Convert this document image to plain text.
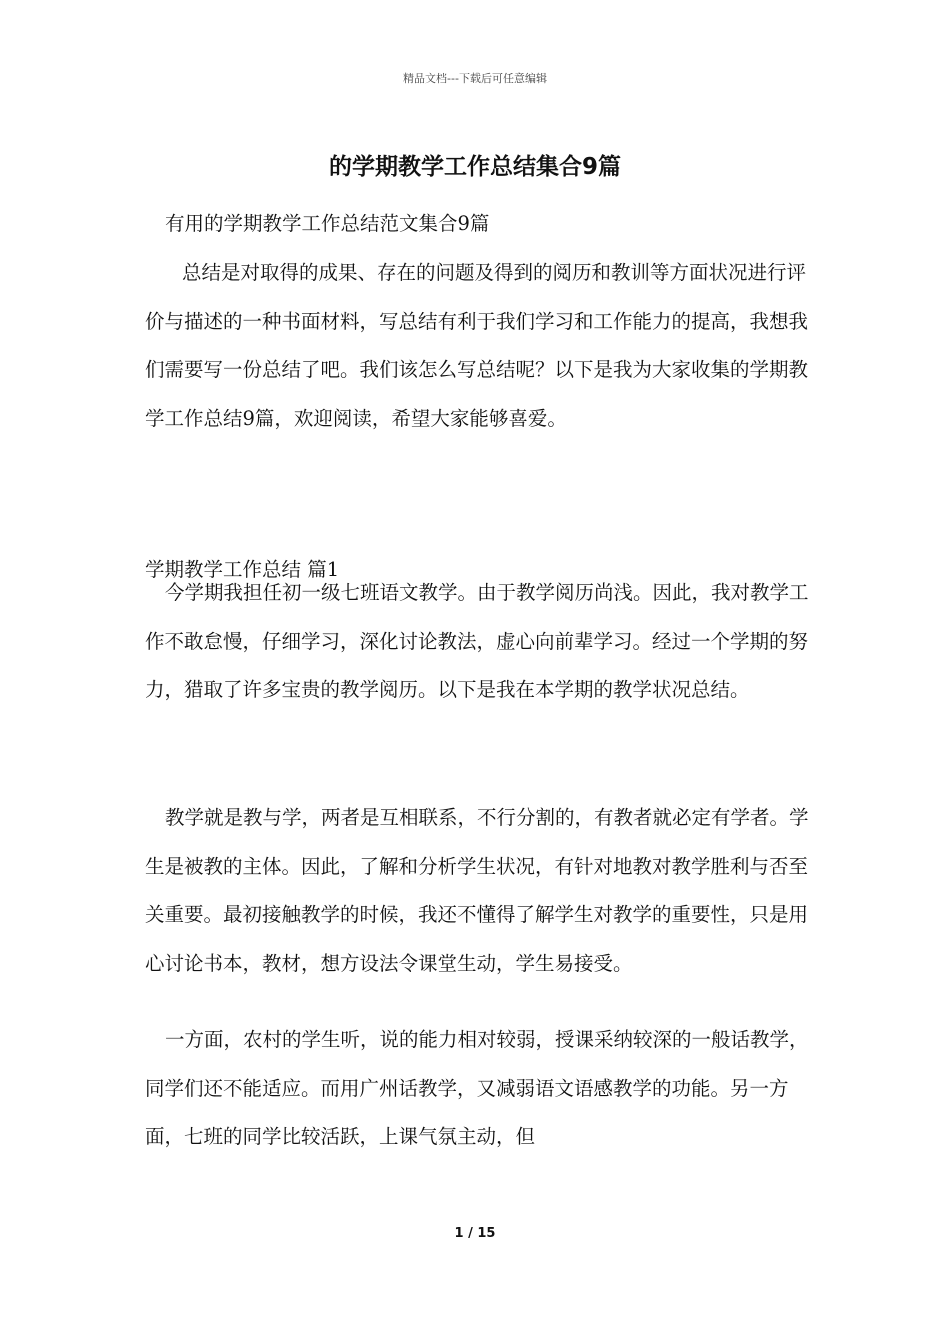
精品文档---下载后可任意编辑
的学期教学工作总结集合9篇

有用的学期教学工作总结范文集合9篇

总结是对取得的成果、存在的问题及得到的阅历和教训等方面状况进行评价与描述的一种书面材料，写总结有利于我们学习和工作能力的提高，我想我们需要写一份总结了吧。我们该怎么写总结呢？以下是我为大家收集的学期教学工作总结9篇，欢迎阅读，希望大家能够喜爱。

学期教学工作总结 篇1

今学期我担任初一级七班语文教学。由于教学阅历尚浅。因此，我对教学工作不敢怠慢，仔细学习，深化讨论教法，虚心向前辈学习。经过一个学期的努力，猎取了许多宝贵的教学阅历。以下是我在本学期的教学状况总结。

教学就是教与学，两者是互相联系，不行分割的，有教者就必定有学者。学生是被教的主体。因此，了解和分析学生状况，有针对地教对教学胜利与否至关重要。最初接触教学的时候，我还不懂得了解学生对教学的重要性，只是用心讨论书本，教材，想方设法令课堂生动，学生易接受。

一方面，农村的学生听，说的能力相对较弱，授课采纳较深的一般话教学，同学们还不能适应。而用广州话教学，又减弱语文语感教学的功能。另一方面，七班的同学比较活跃，上课气氛主动，但

1 / 15
